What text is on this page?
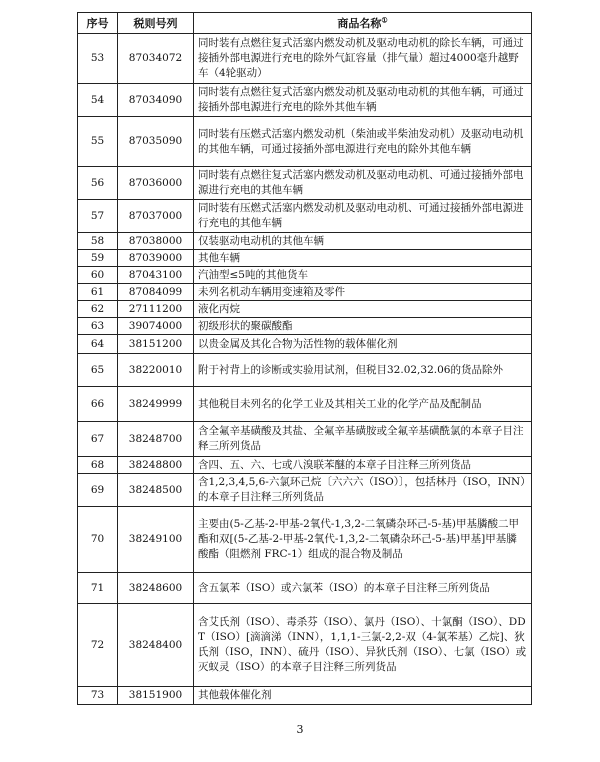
序号	税则号列	商品名称①
53	87034072	同时装有点燃往复式活塞内燃发动机及驱动电动机的除长车辆，可通过接插外部电源进行充电的除外气缸容量（排气量）超过4000毫升越野车（4轮驱动）
54	87034090	同时装有点燃往复式活塞内燃发动机及驱动电动机的其他车辆，可通过接插外部电源进行充电的除外其他车辆
55	87035090	同时装有压燃式活塞内燃发动机（柴油或半柴油发动机）及驱动电动机的其他车辆，可通过接插外部电源进行充电的除外其他车辆
56	87036000	同时装有点燃往复式活塞内燃发动机及驱动电动机、可通过接插外部电源进行充电的其他车辆
57	87037000	同时装有压燃式活塞内燃发动机及驱动电动机、可通过接插外部电源进行充电的其他车辆
58	87038000	仅装驱动电动机的其他车辆
59	87039000	其他车辆
60	87043100	汽油型≤5吨的其他货车
61	87084099	未列名机动车辆用变速箱及零件
62	27111200	液化丙烷
63	39074000	初级形状的聚碳酸酯
64	38151200	以贵金属及其化合物为活性物的载体催化剂
65	38220010	附于衬背上的诊断或实验用试剂，但税目32.02,32.06的货品除外
66	38249999	其他税目未列名的化学工业及其相关工业的化学产品及配制品
67	38248700	含全氟辛基磺酸及其盐、全氟辛基磺胺或全氟辛基磺酰氯的本章子目注释三所列货品
68	38248800	含四、五、六、七或八溴联苯醚的本章子目注释三所列货品
69	38248500	含1,2,3,4,5,6-六氯环己烷〔六六六（ISO）〕，包括林丹（ISO，INN）的本章子目注释三所列货品
70	38249100	主要由(5-乙基-2-甲基-2氧代-1,3,2-二氧磷杂环己-5-基)甲基膦酸二甲酯和双[(5-乙基-2-甲基-2氧代-1,3,2-二氧磷杂环己-5-基)甲基]甲基膦酸酯（阻燃剂 FRC-1）组成的混合物及制品
71	38248600	含五氯苯（ISO）或六氯苯（ISO）的本章子目注释三所列货品
72	38248400	含艾氏剂（ISO）、毒杀芬（ISO）、氯丹（ISO）、十氯酮（ISO）、DDT（ISO）[滴滴涕（INN），1,1,1-三氯-2,2-双（4-氯苯基）乙烷]、狄氏剂（ISO，INN）、硫丹（ISO）、异狄氏剂（ISO）、七氯（ISO）或灭蚁灵（ISO）的本章子目注释三所列货品
73	38151900	其他载体催化剂
3
